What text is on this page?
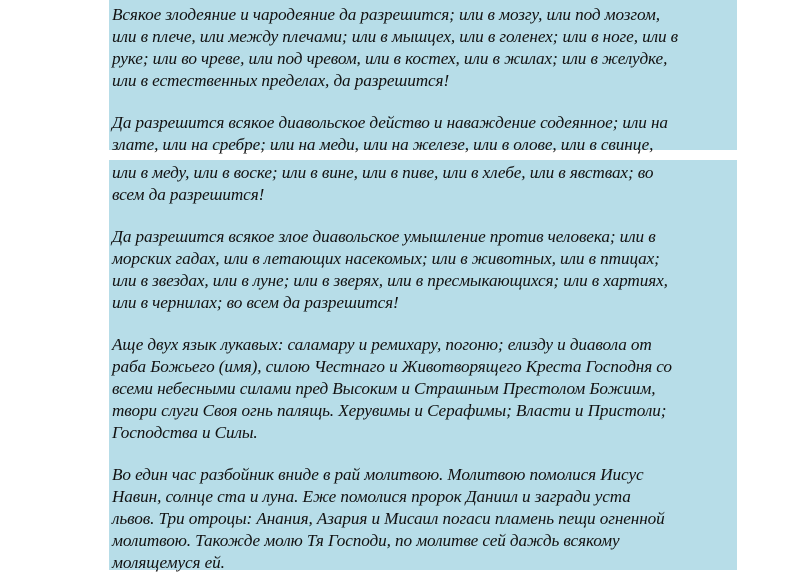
Всякое злодеяние и чародеяние да разрешится; или в мозгу, или под мозгом,
или в плече, или между плечами; или в мышцех, или в голенех; или в ноге, или в
руке; или во чреве, или под чревом, или в костех, или в жилах; или в желудке,
или в естественных пределах, да разрешится!

Да разрешится всякое диавольское действо и наваждение содеянное; или на
злате, или на сребре; или на меди, или на железе, или в олове, или в свинце,

или в меду, или в воске; или в вине, или в пиве, или в хлебе, или в явствах; во
всем да разрешится!

Да разрешится всякое злое диавольское умышление против человека; или в
морских гадах, или в летающих насекомых; или в животных, или в птицах;
или в звездах, или в луне; или в зверях, или в пресмыкающихся; или в хартиях,
или в чернилах; во всем да разрешится!

Аще двух язык лукавых: саламару и ремихару, погоню; елизду и диавола от
раба Божьего (имя), силою Честнаго и Животворящего Креста Господня со
всеми небесными силами пред Высоким и Страшным Престолом Божиим,
твори слуги Своя огнь палящь. Херувимы и Серафимы; Власти и Пристоли;
Господства и Силы.

Во един час разбойник вниде в рай молитвою. Молитвою помолися Иисус
Навин, солнце ста и луна. Еже помолися пророк Даниил и загради уста
львов. Три отроцы: Анания, Азария и Мисаил погаси пламень пещи огненной
молитвою. Такожде молю Тя Господи, по молитве сей даждь всякому
молящемуся ей.
